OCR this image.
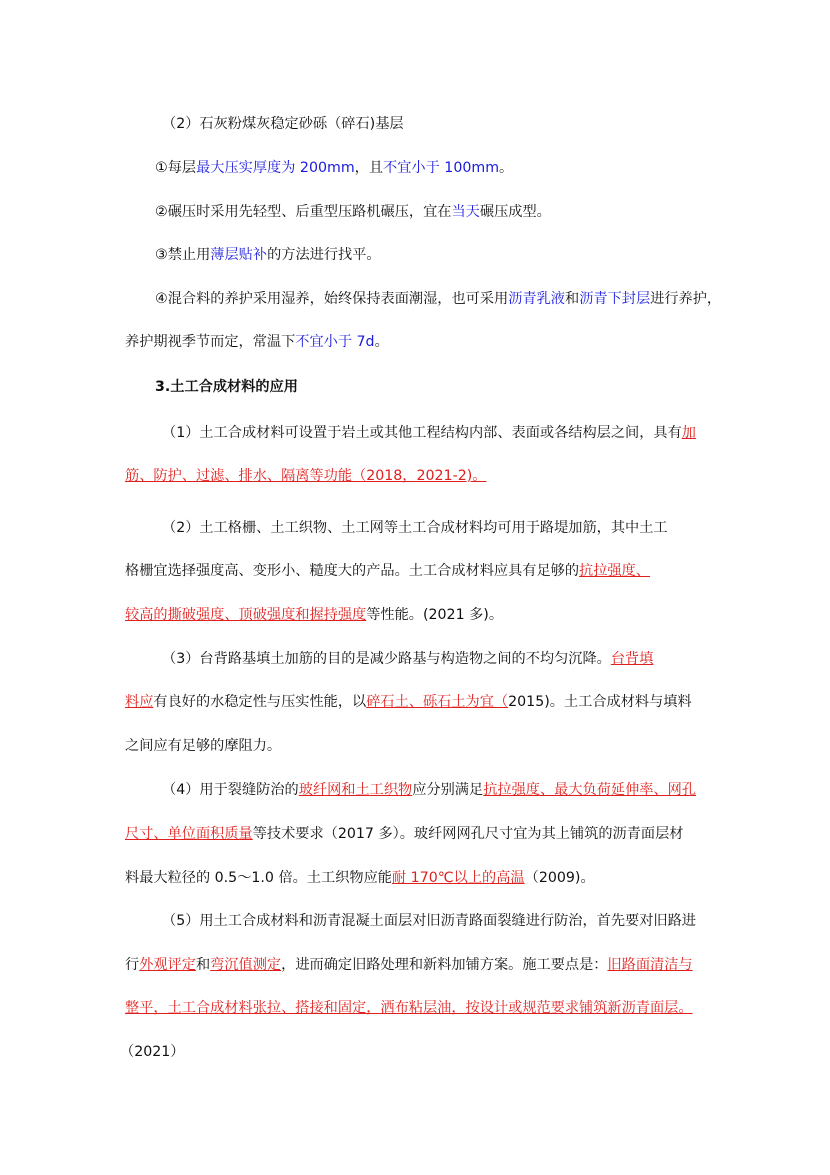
（2）石灰粉煤灰稳定砂砾（碎石)基层
①每层最大压实厚度为 200mm，且不宜小于 100mm。
②碾压时采用先轻型、后重型压路机碾压，宜在当天碾压成型。
③禁止用薄层贴补的方法进行找平。
④混合料的养护采用湿养，始终保持表面潮湿，也可采用沥青乳液和沥青下封层进行养护，
养护期视季节而定，常温下不宜小于 7d。
3.土工合成材料的应用
（1）土工合成材料可设置于岩土或其他工程结构内部、表面或各结构层之间，具有加
筋、防护、过滤、排水、隔离等功能（2018，2021-2)。
（2）土工格栅、土工织物、土工网等土工合成材料均可用于路堤加筋，其中土工
格栅宜选择强度高、变形小、糙度大的产品。土工合成材料应具有足够的抗拉强度、
较高的撕破强度、顶破强度和握持强度等性能。(2021 多)。
（3）台背路基填土加筋的目的是减少路基与构造物之间的不均匀沉降。台背填
料应有良好的水稳定性与压实性能，以碎石土、砾石土为宜（2015)。土工合成材料与填料
之间应有足够的摩阻力。
（4）用于裂缝防治的玻纤网和土工织物应分别满足抗拉强度、最大负荷延伸率、网孔
尺寸、单位面积质量等技术要求（2017 多）。玻纤网网孔尺寸宜为其上铺筑的沥青面层材
料最大粒径的 0.5～1.0 倍。土工织物应能耐 170℃以上的高温（2009)。
（5）用土工合成材料和沥青混凝土面层对旧沥青路面裂缝进行防治，首先要对旧路进
行外观评定和弯沉值测定，进而确定旧路处理和新料加铺方案。施工要点是：旧路面清洁与
整平，土工合成材料张拉、搭接和固定，洒布粘层油，按设计或规范要求铺筑新沥青面层。
（2021）
